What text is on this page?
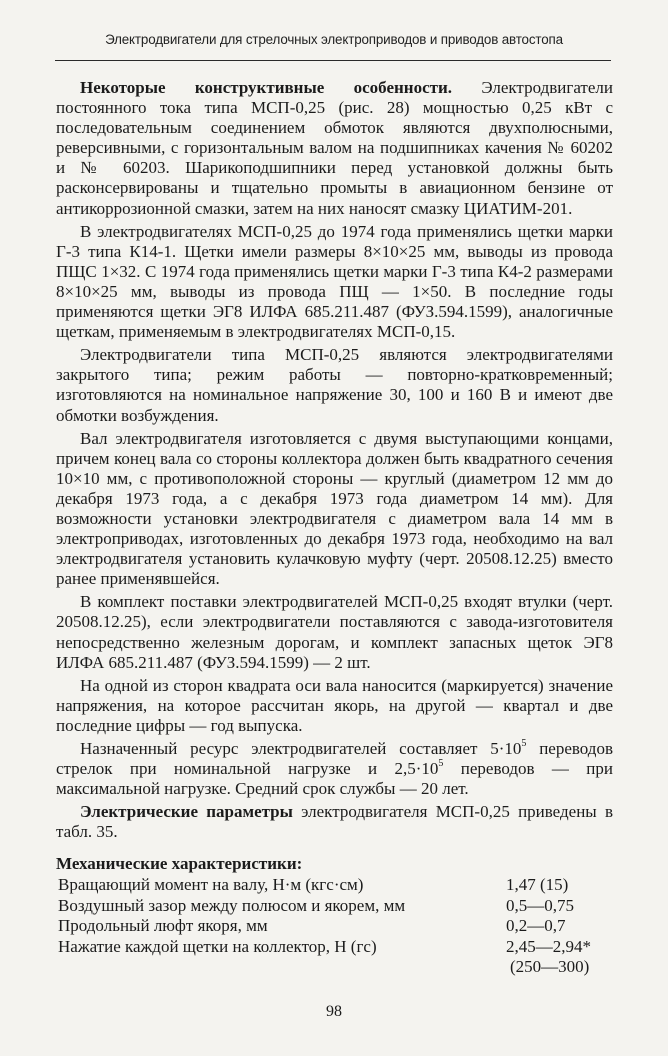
Электродвигатели для стрелочных электроприводов и приводов автостопа

Некоторые конструктивные особенности. Электродвигатели постоянного тока типа МСП-0,25 (рис. 28) мощностью 0,25 кВт с последовательным соединением обмоток являются двухполюсными, реверсивными, с горизонтальным валом на подшипниках качения № 60202 и № 60203. Шарикоподшипники перед установкой должны быть расконсервированы и тщательно промыты в авиационном бензине от антикоррозионной смазки, затем на них наносят смазку ЦИАТИМ-201.

В электродвигателях МСП-0,25 до 1974 года применялись щетки марки Г-3 типа К14-1. Щетки имели размеры 8×10×25 мм, выводы из провода ПЩС 1×32. С 1974 года применялись щетки марки Г-3 типа К4-2 размерами 8×10×25 мм, выводы из провода ПЩ — 1×50. В последние годы применяются щетки ЭГ8 ИЛФА 685.211.487 (ФУЗ.594.1599), аналогичные щеткам, применяемым в электродвигателях МСП-0,15.

Электродвигатели типа МСП-0,25 являются электродвигателями закрытого типа; режим работы — повторно-кратковременный; изготовляются на номинальное напряжение 30, 100 и 160 В и имеют две обмотки возбуждения.

Вал электродвигателя изготовляется с двумя выступающими концами, причем конец вала со стороны коллектора должен быть квадратного сечения 10×10 мм, с противоположной стороны — круглый (диаметром 12 мм до декабря 1973 года, а с декабря 1973 года диаметром 14 мм). Для возможности установки электродвигателя с диаметром вала 14 мм в электроприводах, изготовленных до декабря 1973 года, необходимо на вал электродвигателя установить кулачковую муфту (черт. 20508.12.25) вместо ранее применявшейся.

В комплект поставки электродвигателей МСП-0,25 входят втулки (черт. 20508.12.25), если электродвигатели поставляются с завода-изготовителя непосредственно железным дорогам, и комплект запасных щеток ЭГ8 ИЛФА 685.211.487 (ФУЗ.594.1599) — 2 шт.

На одной из сторон квадрата оси вала наносится (маркируется) значение напряжения, на которое рассчитан якорь, на другой — квартал и две последние цифры — год выпуска.

Назначенный ресурс электродвигателей составляет $5\cdot 10^5$ переводов стрелок при номинальной нагрузке и $2,5\cdot 10^5$ переводов — при максимальной нагрузке. Средний срок службы — 20 лет.

Электрические параметры электродвигателя МСП-0,25 приведены в табл. 35.

Механические характеристики:
Вращающий момент на валу, Н·м (кгс·см)	1,47 (15)
Воздушный зазор между полюсом и якорем, мм	0,5—0,75
Продольный люфт якоря, мм	0,2—0,7
Нажатие каждой щетки на коллектор, Н (гс)	2,45—2,94*
(250—300)
98
